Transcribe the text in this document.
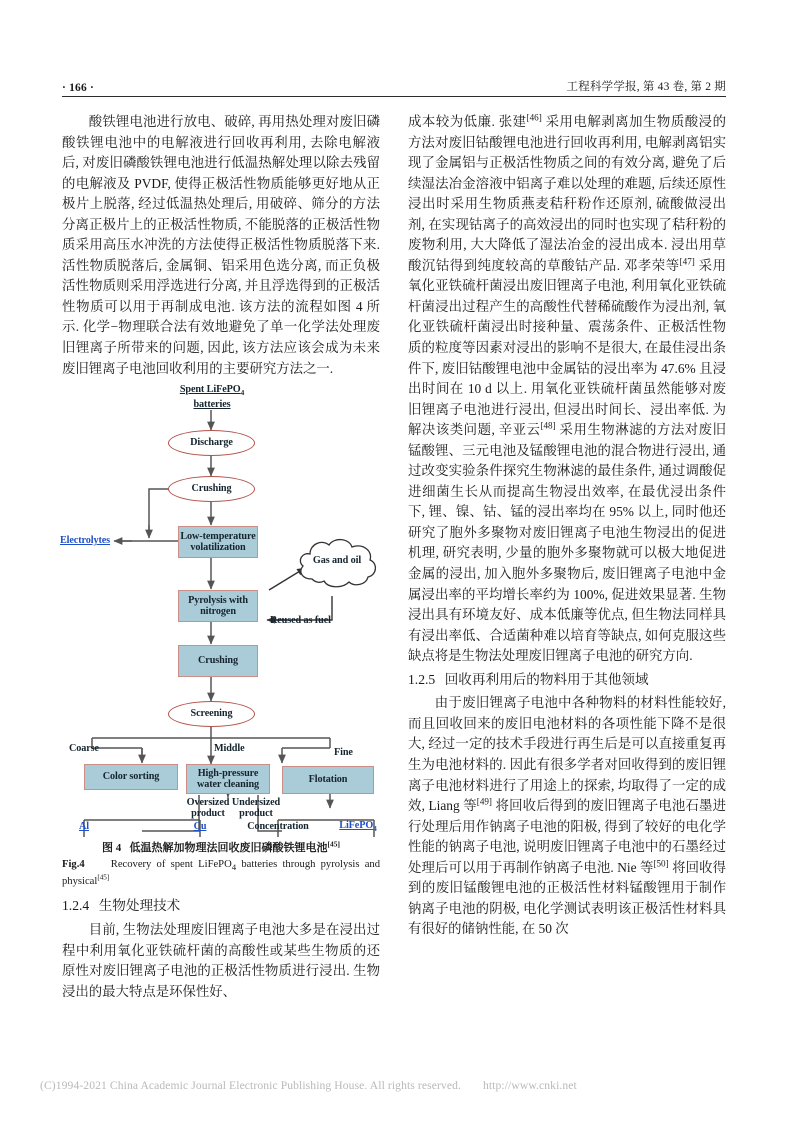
· 166 ·	工程科学学报, 第 43 卷, 第 2 期

酸铁锂电池进行放电、破碎, 再用热处理对废旧磷酸铁锂电池中的电解液进行回收再利用, 去除电解液后, 对废旧磷酸铁锂电池进行低温热解处理以除去残留的电解液及 PVDF, 使得正极活性物质能够更好地从正极片上脱落, 经过低温热处理后, 用破碎、筛分的方法分离正极片上的正极活性物质, 不能脱落的正极活性物质采用高压水冲洗的方法使得正极活性物质脱落下来. 活性物质脱落后, 金属铜、铝采用色选分离, 而正负极活性物质则采用浮选进行分离, 并且浮选得到的正极活性物质可以用于再制成电池. 该方法的流程如图 4 所示. 化学−物理联合法有效地避免了单一化学法处理废旧锂离子所带来的问题, 因此, 该方法应该会成为未来废旧锂离子电池回收利用的主要研究方法之一.

Spent LiFePO$_4$
batteries
Discharge
Crushing
Low-temperature
volatilization
Electrolytes
Gas and oil
Pyrolysis with
nitrogen
Reused as fuel
Crushing
Screening
Coarse	Middle	Fine
Color sorting	High-pressure
water cleaning	Flotation
Oversized
product
Undersized
product
Al	Cu	Concentration	LiFePO$_4$
图 4 低温热解加物理法回收废旧磷酸铁锂电池[45]
Fig.4 Recovery of spent LiFePO$_4$ batteries through pyrolysis and physical[45]

1.2.4 生物处理技术

目前, 生物法处理废旧锂离子电池大多是在浸出过程中利用氧化亚铁硫杆菌的高酸性或某些生物质的还原性对废旧锂离子电池的正极活性物质进行浸出. 生物浸出的最大特点是环保性好、

成本较为低廉. 张建[46] 采用电解剥离加生物质酸浸的方法对废旧钴酸锂电池进行回收再利用, 电解剥离铝实现了金属铝与正极活性物质之间的有效分离, 避免了后续湿法冶金溶液中铝离子难以处理的难题, 后续还原性浸出时采用生物质燕麦秸秆粉作还原剂, 硫酸做浸出剂, 在实现钴离子的高效浸出的同时也实现了秸秆粉的废物利用, 大大降低了湿法冶金的浸出成本. 浸出用草酸沉钴得到纯度较高的草酸钴产品. 邓孝荣等[47] 采用氧化亚铁硫杆菌浸出废旧锂离子电池, 利用氧化亚铁硫杆菌浸出过程产生的高酸性代替稀硫酸作为浸出剂, 氧化亚铁硫杆菌浸出时接种量、震荡条件、正极活性物质的粒度等因素对浸出的影响不是很大, 在最佳浸出条件下, 废旧钴酸锂电池中金属钴的浸出率为 47.6% 且浸出时间在 10 d 以上. 用氧化亚铁硫杆菌虽然能够对废旧锂离子电池进行浸出, 但浸出时间长、浸出率低. 为解决该类问题, 辛亚云[48] 采用生物淋滤的方法对废旧锰酸锂、三元电池及锰酸锂电池的混合物进行浸出, 通过改变实验条件探究生物淋滤的最佳条件, 通过调酸促进细菌生长从而提高生物浸出效率, 在最优浸出条件下, 锂、镍、钴、锰的浸出率均在 95% 以上, 同时他还研究了胞外多聚物对废旧锂离子电池生物浸出的促进机理, 研究表明, 少量的胞外多聚物就可以极大地促进金属的浸出, 加入胞外多聚物后, 废旧锂离子电池中金属浸出率的平均增长率约为 100%, 促进效果显著. 生物浸出具有环境友好、成本低廉等优点, 但生物法同样具有浸出率低、合适菌种难以培育等缺点, 如何克服这些缺点将是生物法处理废旧锂离子电池的研究方向.

1.2.5 回收再利用后的物料用于其他领域

由于废旧锂离子电池中各种物料的材料性能较好, 而且回收回来的废旧电池材料的各项性能下降不是很大, 经过一定的技术手段进行再生后是可以直接重复再生为电池材料的. 因此有很多学者对回收得到的废旧锂离子电池材料进行了用途上的探索, 均取得了一定的成效, Liang 等[49] 将回收后得到的废旧锂离子电池石墨进行处理后用作钠离子电池的阳极, 得到了较好的电化学性能的钠离子电池, 说明废旧锂离子电池中的石墨经过处理后可以用于再制作钠离子电池. Nie 等[50] 将回收得到的废旧锰酸锂电池的正极活性材料锰酸锂用于制作钠离子电池的阴极, 电化学测试表明该正极活性材料具有很好的储钠性能, 在 50 次

(C)1994-2021 China Academic Journal Electronic Publishing House. All rights reserved. http://www.cnki.net
